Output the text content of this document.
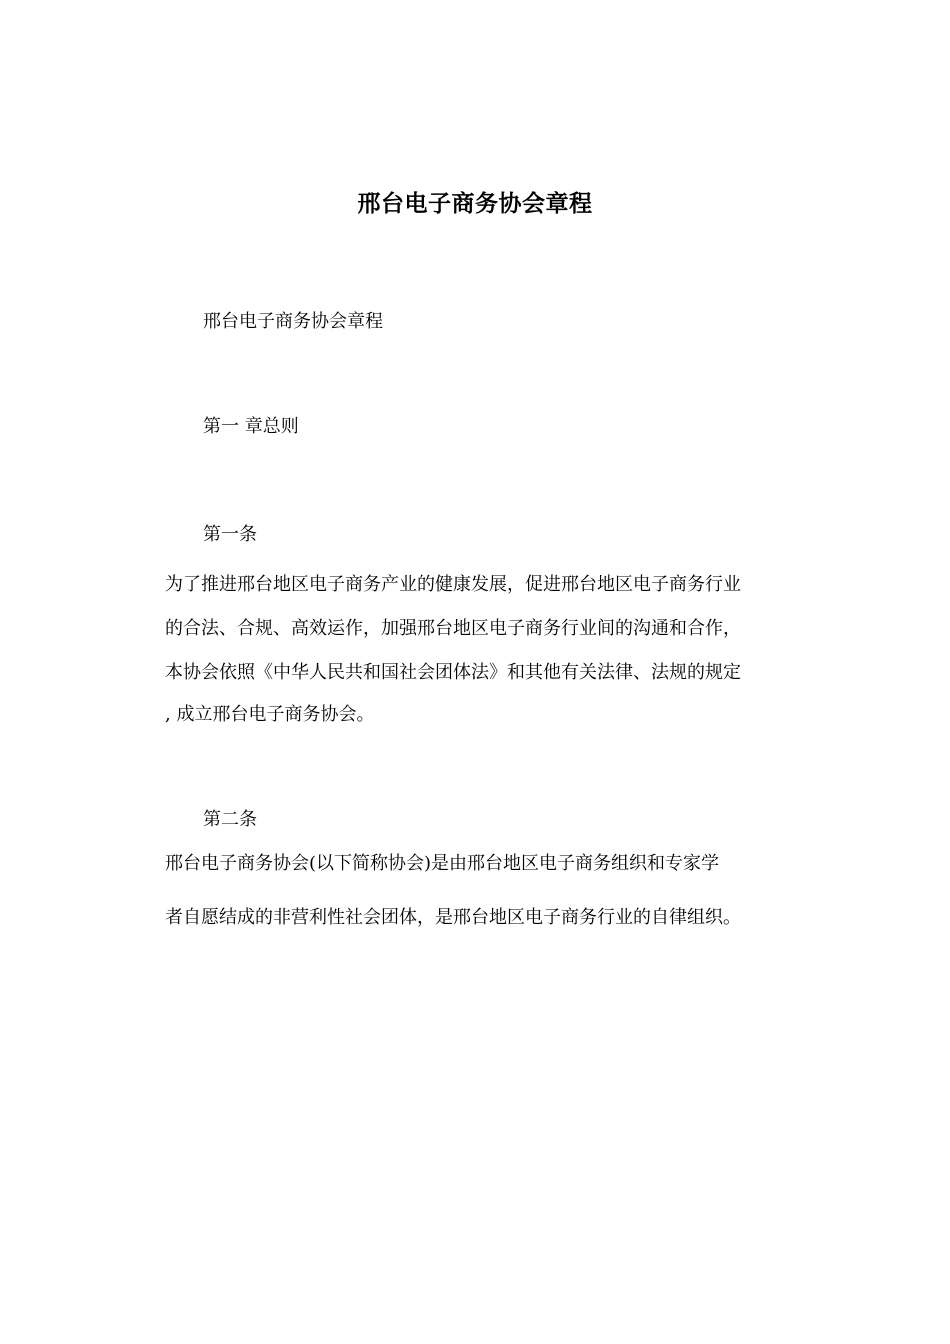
邢台电子商务协会章程
邢台电子商务协会章程
第一 章总则
第一条
为了推进邢台地区电子商务产业的健康发展，促进邢台地区电子商务行业
的合法、合规、高效运作，加强邢台地区电子商务行业间的沟通和合作，
本协会依照《中华人民共和国社会团体法》和其他有关法律、法规的规定
, 成立邢台电子商务协会。
第二条
邢台电子商务协会(以下简称协会)是由邢台地区电子商务组织和专家学
者自愿结成的非营利性社会团体，是邢台地区电子商务行业的自律组织。
